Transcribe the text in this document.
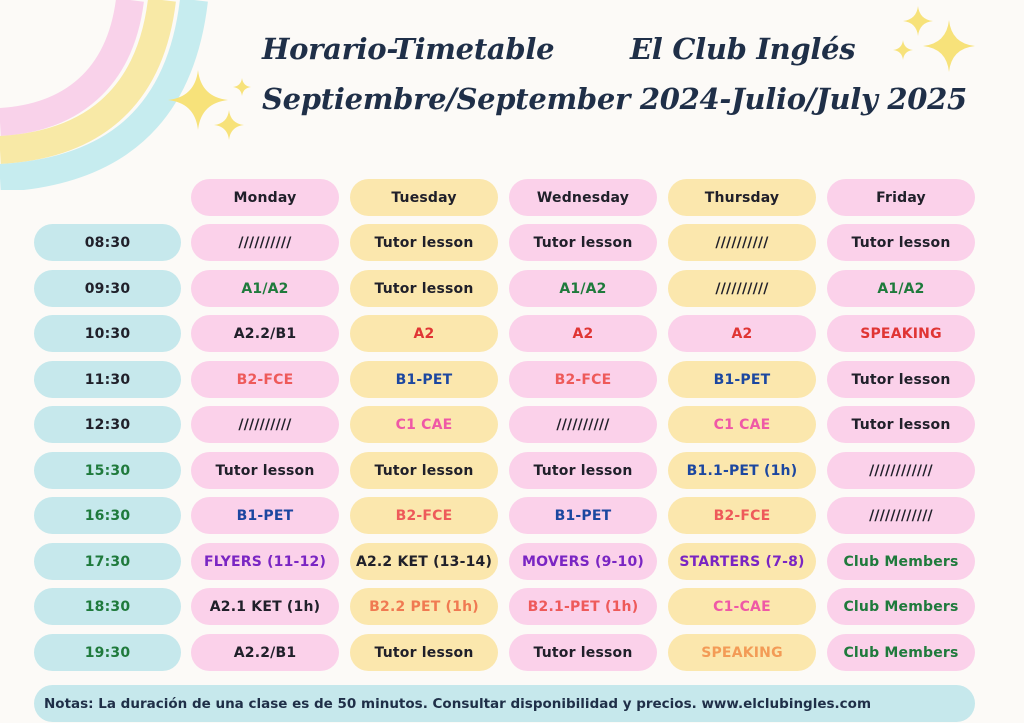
Horario-Timetable	El Club Inglés
Septiembre/September 2024-Julio/July 2025
Monday	Tuesday	Wednesday	Thursday	Friday
08:30	//////////	Tutor lesson	Tutor lesson	//////////	Tutor lesson
09:30	A1/A2	Tutor lesson	A1/A2	//////////	A1/A2
10:30	A2.2/B1	A2	A2	A2	SPEAKING
11:30	B2-FCE	B1-PET	B2-FCE	B1-PET	Tutor lesson
12:30	//////////	C1 CAE	//////////	C1 CAE	Tutor lesson
15:30	Tutor lesson	Tutor lesson	Tutor lesson	B1.1-PET (1h)	////////////
16:30	B1-PET	B2-FCE	B1-PET	B2-FCE	////////////
17:30	FLYERS (11-12)	A2.2 KET (13-14)	MOVERS (9-10)	STARTERS (7-8)	Club Members
18:30	A2.1 KET (1h)	B2.2 PET (1h)	B2.1-PET (1h)	C1-CAE	Club Members
19:30	A2.2/B1	Tutor lesson	Tutor lesson	SPEAKING	Club Members
Notas: La duración de una clase es de 50 minutos. Consultar disponibilidad y precios. www.elclubingles.com
